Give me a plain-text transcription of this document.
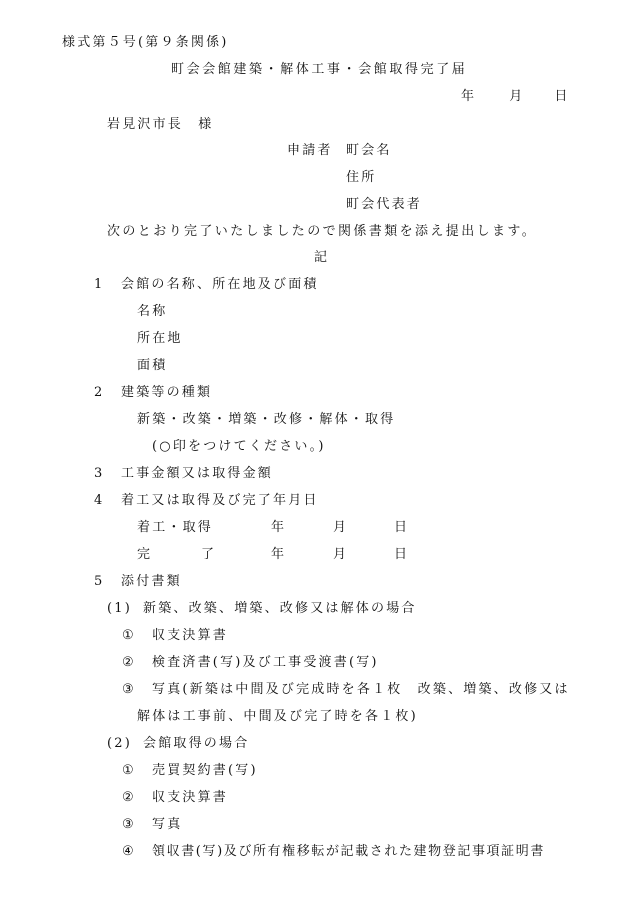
様式第５号(第９条関係)
町会会館建築・解体工事・会館取得完了届
年	月 日
岩見沢市長　様
申請者 町会名
住所
町会代表者
次のとおり完了いたしましたので関係書類を添え提出します。
記
1 会館の名称、所在地及び面積
名称
所在地
面積
2 建築等の種類
新築・改築・増築・改修・解体・取得
(○印をつけてください。)
3 工事金額又は取得金額
4 着工又は取得及び完了年月日
着工・取得	年	月	日
完	了	年	月	日
5 添付書類
(1) 新築、改築、増築、改修又は解体の場合
① 収支決算書
② 検査済書(写)及び工事受渡書(写)
③ 写真(新築は中間及び完成時を各１枚　改築、増築、改修又は
解体は工事前、中間及び完了時を各１枚)
(2) 会館取得の場合
① 売買契約書(写)
② 収支決算書
③ 写真
④ 領収書(写)及び所有権移転が記載された建物登記事項証明書
